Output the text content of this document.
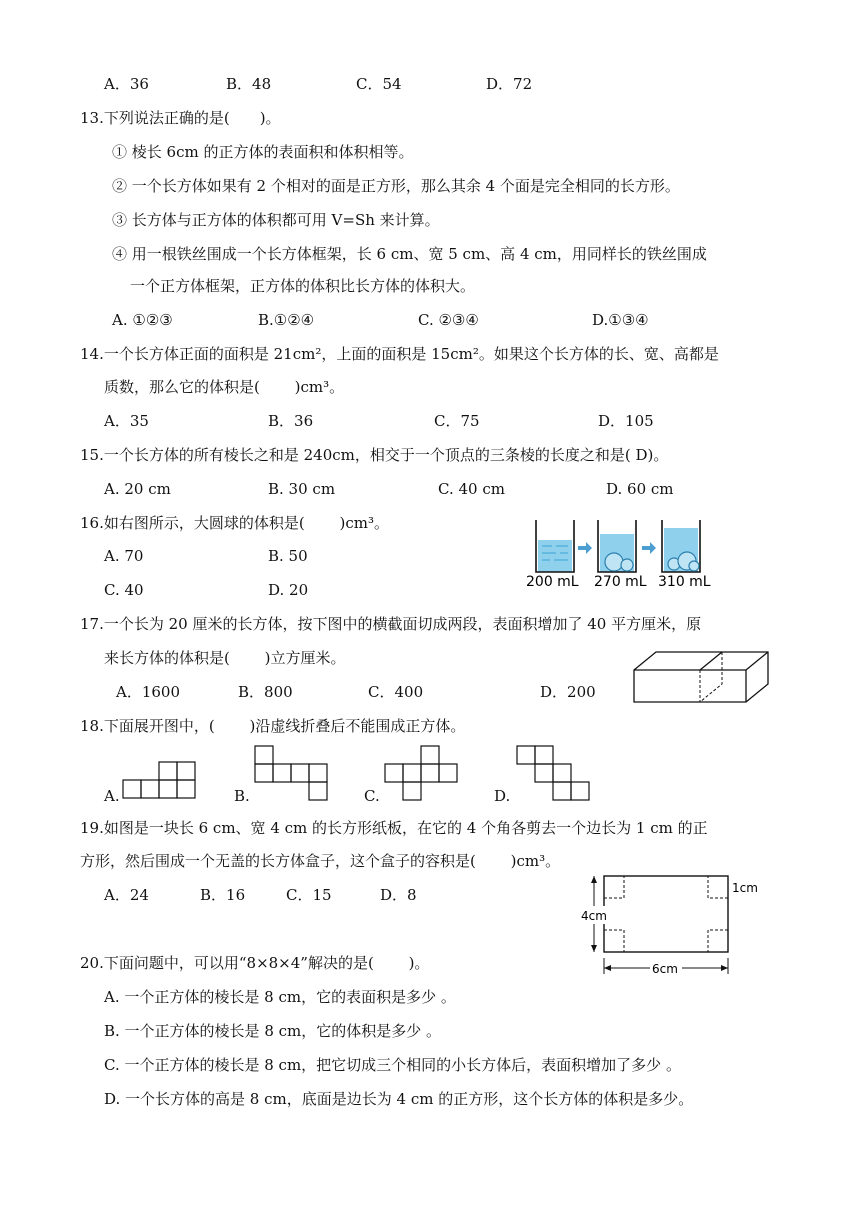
A．36	B．48	C．54	D．72
13.下列说法正确的是(　　)。
① 棱长 6cm 的正方体的表面积和体积相等。
② 一个长方体如果有 2 个相对的面是正方形，那么其余 4 个面是完全相同的长方形。
③ 长方体与正方体的体积都可用 V=Sh 来计算。
④ 用一根铁丝围成一个长方体框架，长 6 cm、宽 5 cm、高 4 cm，用同样长的铁丝围成
一个正方体框架，正方体的体积比长方体的体积大。
A. ①②③	B.①②④	C. ②③④	D.①③④
14.一个长方体正面的面积是 21cm²，上面的面积是 15cm²。如果这个长方体的长、宽、高都是
质数，那么它的体积是(　　 )cm³。
A．35	B．36	C．75	D．105
15.一个长方体的所有棱长之和是 240cm，相交于一个顶点的三条棱的长度之和是( D)。
A. 20 cm	B. 30 cm	C. 40 cm	D. 60 cm
16.如右图所示，大圆球的体积是(　　 )cm³。
A. 70	B. 50
C. 40	D. 20	200 mL 270 mL 310 mL
17.一个长为 20 厘米的长方体，按下图中的横截面切成两段，表面积增加了 40 平方厘米，原
来长方体的体积是(　　 )立方厘米。
A．1600	B．800	C．400	D．200
18.下面展开图中，(　　 )沿虚线折叠后不能围成正方体。
A.	B.	C.	D.
19.如图是一块长 6 cm、宽 4 cm 的长方形纸板，在它的 4 个角各剪去一个边长为 1 cm 的正
方形，然后围成一个无盖的长方体盒子，这个盒子的容积是(　　 )cm³。
A．24	B．16	C．15	D．8
4cm
6cm
1cm
20.下面问题中，可以用“8×8×4”解决的是(　　 )。
A. 一个正方体的棱长是 8 cm，它的表面积是多少 。
B. 一个正方体的棱长是 8 cm，它的体积是多少 。
C. 一个正方体的棱长是 8 cm，把它切成三个相同的小长方体后，表面积增加了多少 。
D. 一个长方体的高是 8 cm，底面是边长为 4 cm 的正方形，这个长方体的体积是多少。
